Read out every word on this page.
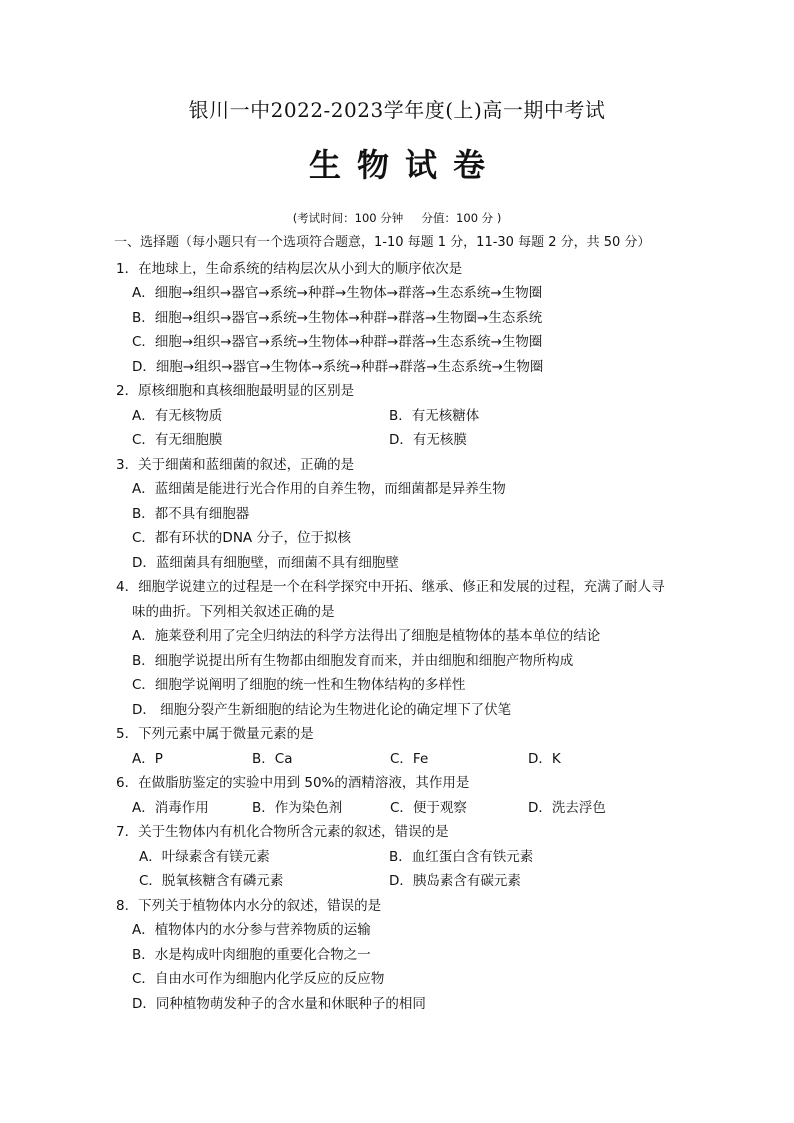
银川一中2022-2023学年度(上)高一期中考试
生物试卷
(考试时间：100 分钟     分值：100 分 )
一、选择题（每小题只有一个选项符合题意，1-10 每题 1 分，11-30 每题 2 分，共 50 分）
1．在地球上，生命系统的结构层次从小到大的顺序依次是
A．细胞→组织→器官→系统→种群→生物体→群落→生态系统→生物圈
B．细胞→组织→器官→系统→生物体→种群→群落→生物圈→生态系统
C．细胞→组织→器官→系统→生物体→种群→群落→生态系统→生物圈
D．细胞→组织→器官→生物体→系统→种群→群落→生态系统→生物圈
2．原核细胞和真核细胞最明显的区别是
A．有无核物质	B．有无核糖体
C．有无细胞膜	D．有无核膜
3．关于细菌和蓝细菌的叙述，正确的是
A．蓝细菌是能进行光合作用的自养生物，而细菌都是异养生物
B．都不具有细胞器
C．都有环状的DNA 分子，位于拟核
D．蓝细菌具有细胞壁，而细菌不具有细胞壁
4．细胞学说建立的过程是一个在科学探究中开拓、继承、修正和发展的过程，充满了耐人寻
味的曲折。下列相关叙述正确的是
A．施莱登利用了完全归纳法的科学方法得出了细胞是植物体的基本单位的结论
B．细胞学说提出所有生物都由细胞发育而来，并由细胞和细胞产物所构成
C．细胞学说阐明了细胞的统一性和生物体结构的多样性
D． 细胞分裂产生新细胞的结论为生物进化论的确定埋下了伏笔
5．下列元素中属于微量元素的是
A．P	B．Ca	C．Fe	D．K
6．在做脂肪鉴定的实验中用到 50%的酒精溶液，其作用是
A．消毒作用	B．作为染色剂	C．便于观察	D．洗去浮色
7．关于生物体内有机化合物所含元素的叙述，错误的是
A．叶绿素含有镁元素	B．血红蛋白含有铁元素
C．脱氧核糖含有磷元素	D．胰岛素含有碳元素
8．下列关于植物体内水分的叙述，错误的是
A．植物体内的水分参与营养物质的运输
B．水是构成叶肉细胞的重要化合物之一
C．自由水可作为细胞内化学反应的反应物
D．同种植物萌发种子的含水量和休眠种子的相同
